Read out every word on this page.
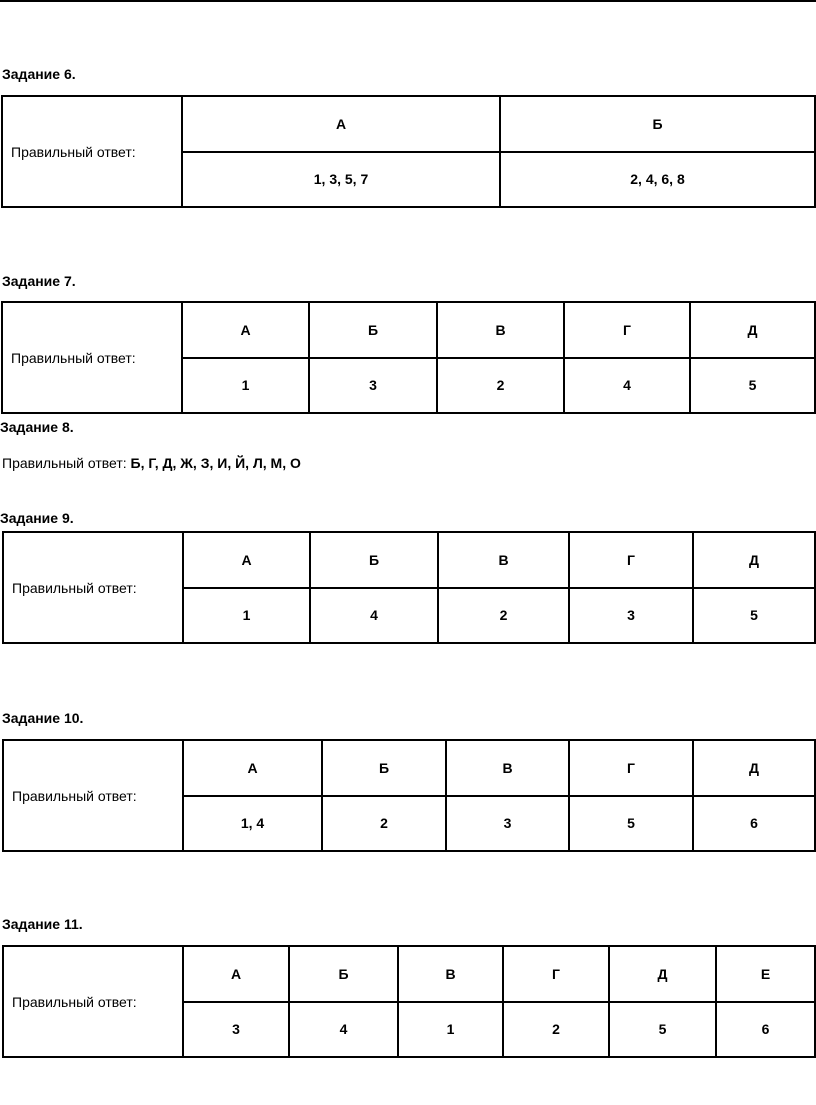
Задание 6.
Правильный ответ:	А	Б
	1, 3, 5, 7	2, 4, 6, 8
Задание 7.
Правильный ответ:	А	Б	В	Г	Д
	1	3	2	4	5
Задание 8.
Правильный ответ: Б, Г, Д, Ж, З, И, Й, Л, М, О
Задание 9.
Правильный ответ:	А	Б	В	Г	Д
	1	4	2	3	5
Задание 10.
Правильный ответ:	А	Б	В	Г	Д
	1, 4	2	3	5	6
Задание 11.
Правильный ответ:	А	Б	В	Г	Д	Е
	3	4	1	2	5	6
